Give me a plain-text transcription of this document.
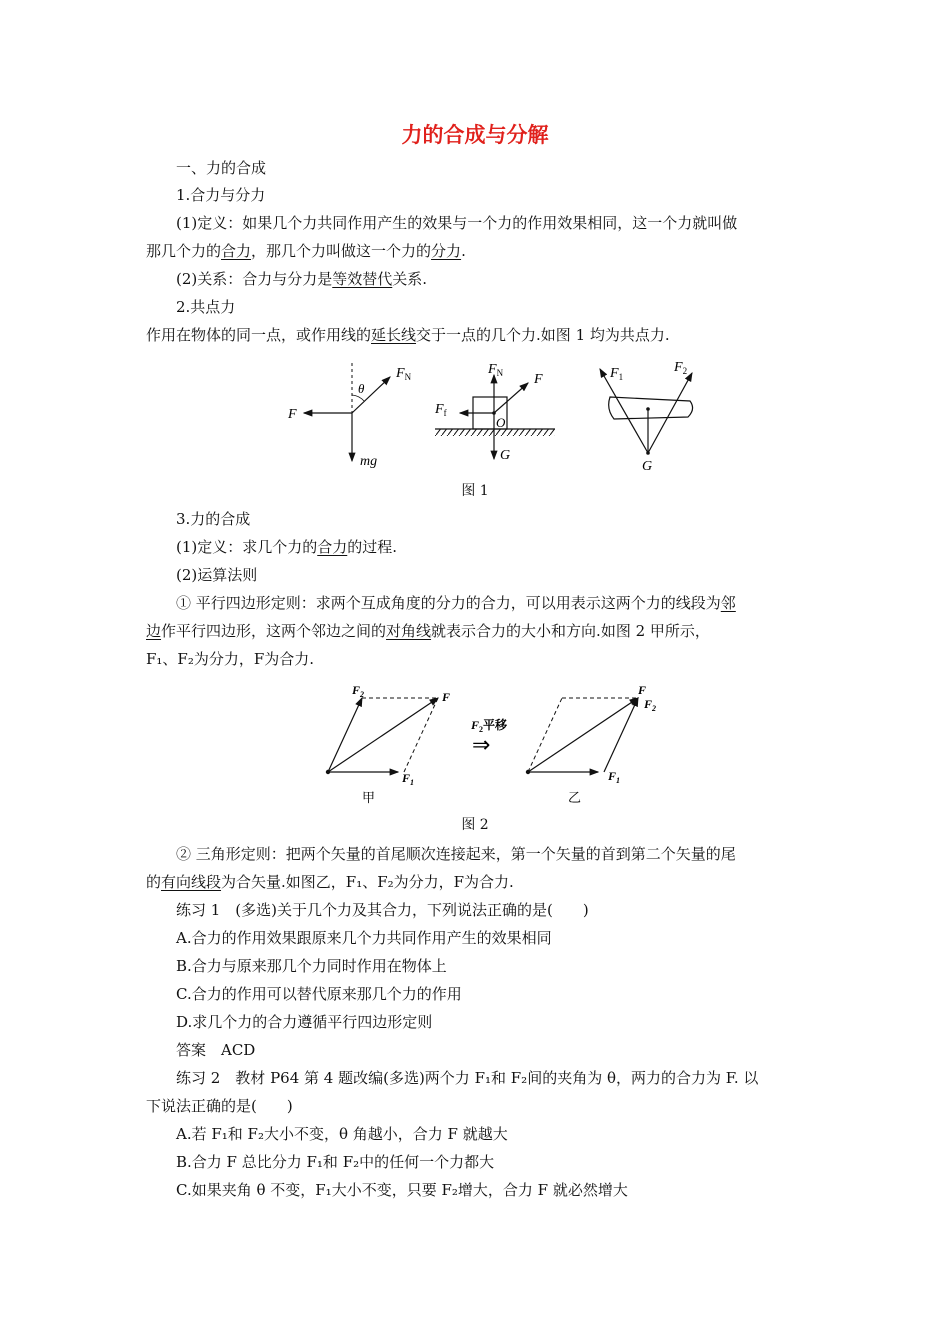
力的合成与分解
一、力的合成
1.合力与分力
(1)定义：如果几个力共同作用产生的效果与一个力的作用效果相同，这一个力就叫做
那几个力的合力，那几个力叫做这一个力的分力.
(2)关系：合力与分力是等效替代关系.
2.共点力
作用在物体的同一点，或作用线的延长线交于一点的几个力.如图 1 均为共点力.
F
$F_N$
θ
mg
$F_N$ F
$F_f$
O
G
$F_1$
$F_2$
G
图 1
3.力的合成
(1)定义：求几个力的合力的过程.
(2)运算法则
① 平行四边形定则：求两个互成角度的分力的合力，可以用表示这两个力的线段为邻
边作平行四边形，这两个邻边之间的对角线就表示合力的大小和方向.如图 2 甲所示，
F₁、F₂为分力，F为合力.
$F_2$	F
$F_1$
甲
$F_2$平移
⇒
F
$F_2$
$F_1$
乙
图 2
② 三角形定则：把两个矢量的首尾顺次连接起来，第一个矢量的首到第二个矢量的尾
的有向线段为合矢量.如图乙，F₁、F₂为分力，F为合力.
练习 1　(多选)关于几个力及其合力，下列说法正确的是(　　)
A.合力的作用效果跟原来几个力共同作用产生的效果相同
B.合力与原来那几个力同时作用在物体上
C.合力的作用可以替代原来那几个力的作用
D.求几个力的合力遵循平行四边形定则
答案　ACD
练习 2　教材 P64 第 4 题改编(多选)两个力 F₁和 F₂间的夹角为 θ，两力的合力为 F. 以
下说法正确的是(　　)
A.若 F₁和 F₂大小不变，θ 角越小，合力 F 就越大
B.合力 F 总比分力 F₁和 F₂中的任何一个力都大
C.如果夹角 θ 不变，F₁大小不变，只要 F₂增大，合力 F 就必然增大
